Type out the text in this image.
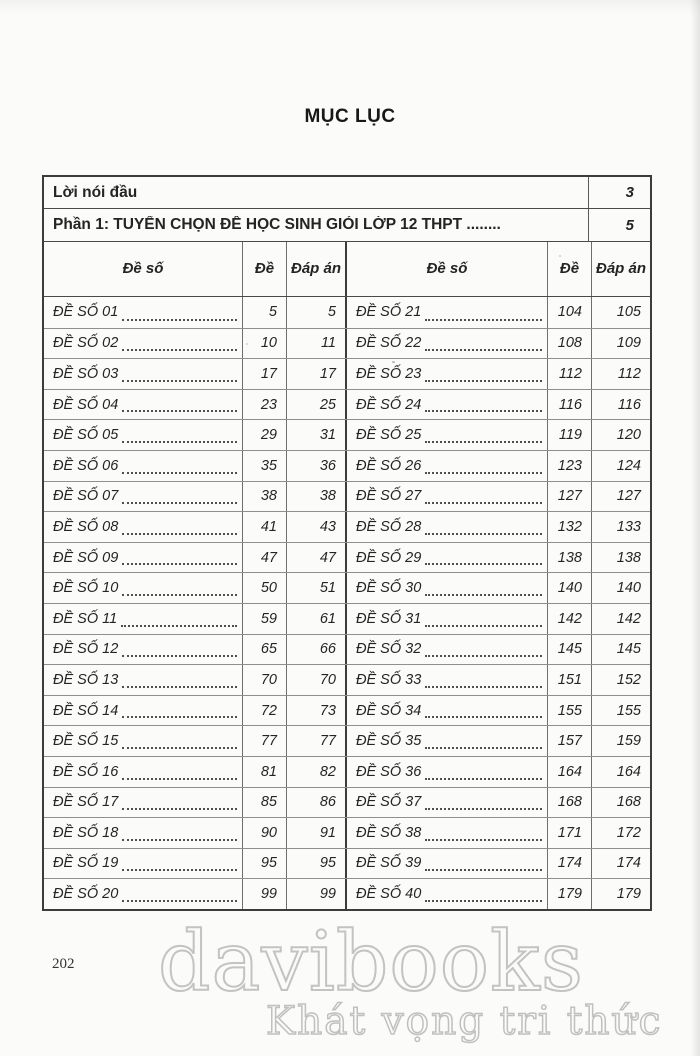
MỤC LỤC
Lời nói đầu	3
Phần 1: TUYỂN CHỌN ĐỀ HỌC SINH GIỎI LỚP 12 THPT ........	5
Đề số	Đề	Đáp án	Đề số	Đề	Đáp án
ĐỀ SỐ 01	5	5	ĐỀ SỐ 21	104	105
ĐỀ SỐ 02	10	11	ĐỀ SỐ 22	108	109
ĐỀ SỐ 03	17	17	ĐỀ SỐ 23	112	112
ĐỀ SỐ 04	23	25	ĐỀ SỐ 24	116	116
ĐỀ SỐ 05	29	31	ĐỀ SỐ 25	119	120
ĐỀ SỐ 06	35	36	ĐỀ SỐ 26	123	124
ĐỀ SỐ 07	38	38	ĐỀ SỐ 27	127	127
ĐỀ SỐ 08	41	43	ĐỀ SỐ 28	132	133
ĐỀ SỐ 09	47	47	ĐỀ SỐ 29	138	138
ĐỀ SỐ 10	50	51	ĐỀ SỐ 30	140	140
ĐỀ SỐ 11	59	61	ĐỀ SỐ 31	142	142
ĐỀ SỐ 12	65	66	ĐỀ SỐ 32	145	145
ĐỀ SỐ 13	70	70	ĐỀ SỐ 33	151	152
ĐỀ SỐ 14	72	73	ĐỀ SỐ 34	155	155
ĐỀ SỐ 15	77	77	ĐỀ SỐ 35	157	159
ĐỀ SỐ 16	81	82	ĐỀ SỐ 36	164	164
ĐỀ SỐ 17	85	86	ĐỀ SỐ 37	168	168
ĐỀ SỐ 18	90	91	ĐỀ SỐ 38	171	172
ĐỀ SỐ 19	95	95	ĐỀ SỐ 39	174	174
ĐỀ SỐ 20	99	99	ĐỀ SỐ 40	179	179
202 davibooks
Khát vọng tri thức
